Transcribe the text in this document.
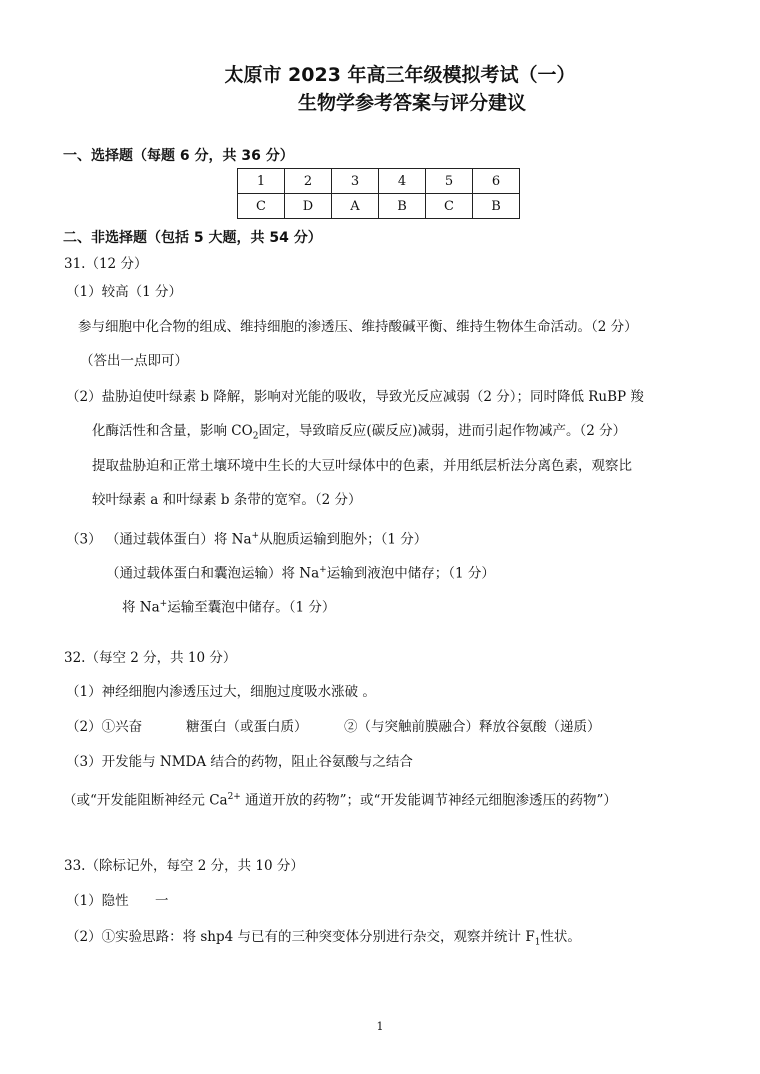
太原市 2023 年高三年级模拟考试（一）
生物学参考答案与评分建议
一、选择题（每题 6 分，共 36 分）
1	2	3	4	5	6
C	D	A	B	C	B
二、非选择题（包括 5 大题，共 54 分）
31.（12 分）
（1）较高（1 分）
参与细胞中化合物的组成、维持细胞的渗透压、维持酸碱平衡、维持生物体生命活动。（2 分）
（答出一点即可）
（2）盐胁迫使叶绿素 b 降解，影响对光能的吸收，导致光反应减弱（2 分）；同时降低 RuBP 羧
化酶活性和含量，影响 $CO_2$固定，导致暗反应(碳反应)减弱，进而引起作物减产。（2 分）
提取盐胁迫和正常土壤环境中生长的大豆叶绿体中的色素，并用纸层析法分离色素，观察比
较叶绿素 a 和叶绿素 b 条带的宽窄。（2 分）
（3） （通过载体蛋白）将 Na+从胞质运输到胞外；（1 分）
（通过载体蛋白和囊泡运输）将 Na+运输到液泡中储存；（1 分）
将 Na+运输至囊泡中储存。（1 分）
32.（每空 2 分，共 10 分）
（1）神经细胞内渗透压过大，细胞过度吸水涨破 。
（2）①兴奋	糖蛋白（或蛋白质）	②（与突触前膜融合）释放谷氨酸（递质）
（3）开发能与 NMDA 结合的药物，阻止谷氨酸与之结合
（或“开发能阻断神经元 $Ca^{2+}$ 通道开放的药物”；或“开发能调节神经元细胞渗透压的药物”）
33.（除标记外，每空 2 分，共 10 分）
（1）隐性 一
（2）①实验思路：将 shp4 与已有的三种突变体分别进行杂交，观察并统计 $F_1$性状。
1
